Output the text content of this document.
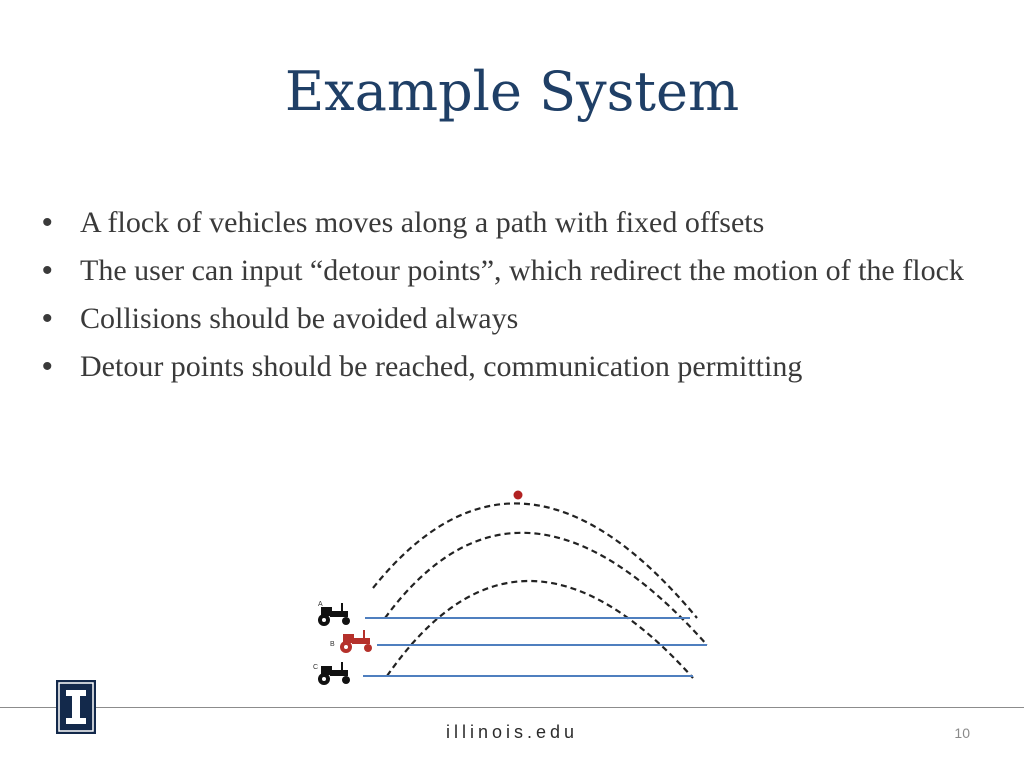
Example System
• A flock of vehicles moves along a path with fixed offsets
• The user can input “detour points”, which redirect the motion of the flock
• Collisions should be avoided always
• Detour points should be reached, communication permitting
A
B
C
illinois.edu	10
